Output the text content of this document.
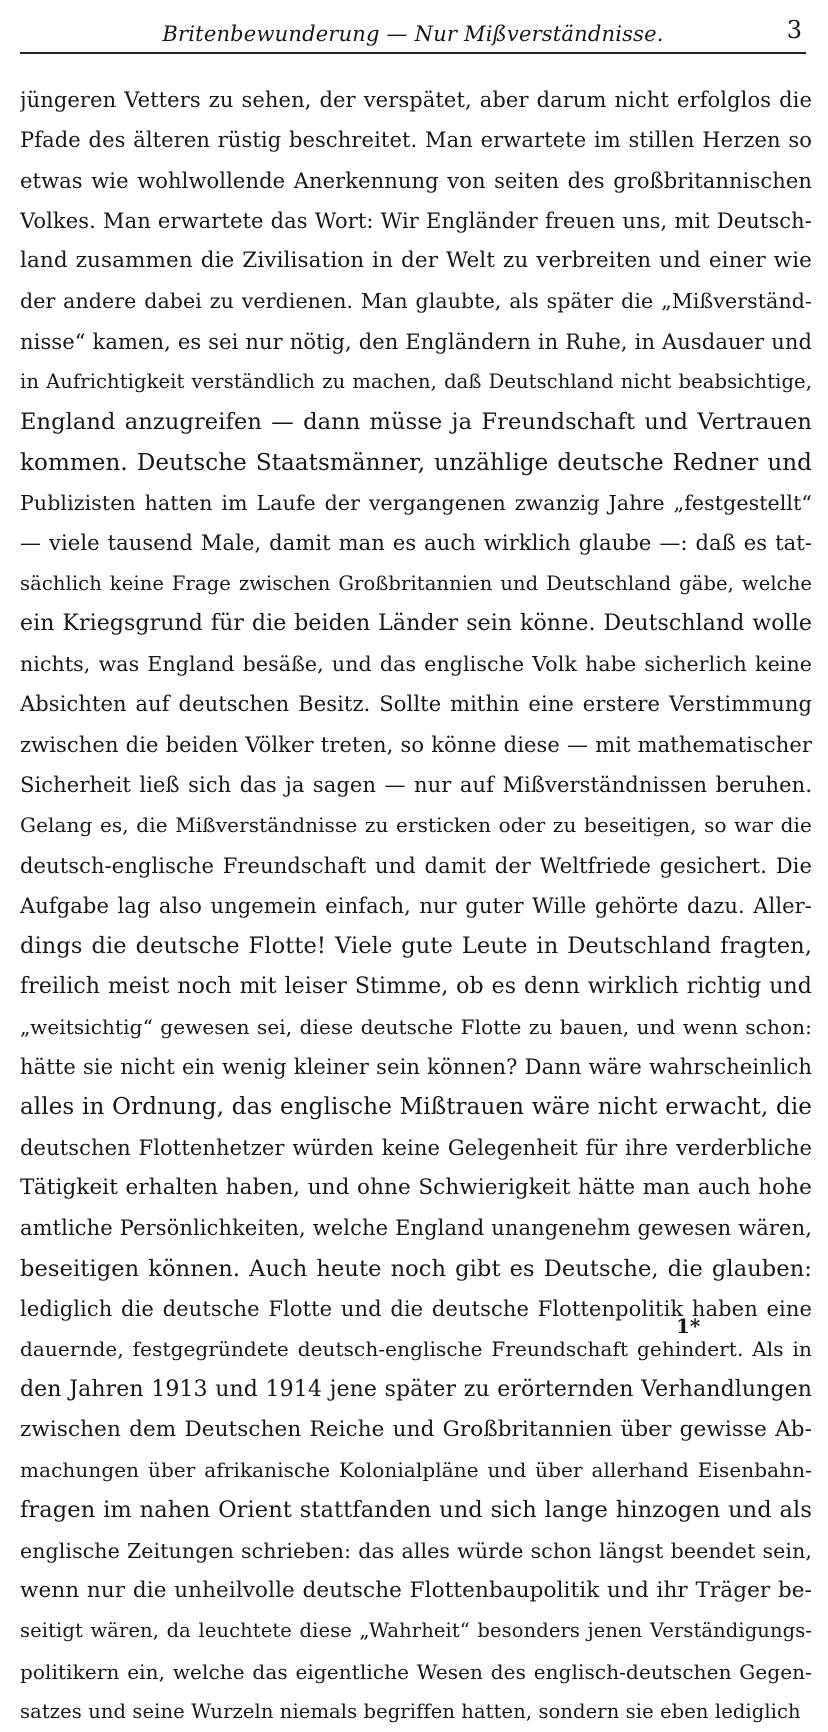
Britenbewunderung — Nur Mißverständnisse.	3
jüngeren Vetters zu sehen, der verspätet, aber darum nicht erfolglos die
Pfade des älteren rüstig beschreitet. Man erwartete im stillen Herzen so
etwas wie wohlwollende Anerkennung von seiten des großbritannischen
Volkes. Man erwartete das Wort: Wir Engländer freuen uns, mit Deutsch-
land zusammen die Zivilisation in der Welt zu verbreiten und einer wie
der andere dabei zu verdienen. Man glaubte, als später die „Mißverständ-
nisse“ kamen, es sei nur nötig, den Engländern in Ruhe, in Ausdauer und
in Aufrichtigkeit verständlich zu machen, daß Deutschland nicht beabsichtige,
England anzugreifen — dann müsse ja Freundschaft und Vertrauen
kommen. Deutsche Staatsmänner, unzählige deutsche Redner und
Publizisten hatten im Laufe der vergangenen zwanzig Jahre „festgestellt“
— viele tausend Male, damit man es auch wirklich glaube —: daß es tat-
sächlich keine Frage zwischen Großbritannien und Deutschland gäbe, welche
ein Kriegsgrund für die beiden Länder sein könne. Deutschland wolle
nichts, was England besäße, und das englische Volk habe sicherlich keine
Absichten auf deutschen Besitz. Sollte mithin eine erstere Verstimmung
zwischen die beiden Völker treten, so könne diese — mit mathematischer
Sicherheit ließ sich das ja sagen — nur auf Mißverständnissen beruhen.
Gelang es, die Mißverständnisse zu ersticken oder zu beseitigen, so war die
deutsch-englische Freundschaft und damit der Weltfriede gesichert. Die
Aufgabe lag also ungemein einfach, nur guter Wille gehörte dazu. Aller-
dings die deutsche Flotte! Viele gute Leute in Deutschland fragten,
freilich meist noch mit leiser Stimme, ob es denn wirklich richtig und
„weitsichtig“ gewesen sei, diese deutsche Flotte zu bauen, und wenn schon:
hätte sie nicht ein wenig kleiner sein können? Dann wäre wahrscheinlich
alles in Ordnung, das englische Mißtrauen wäre nicht erwacht, die
deutschen Flottenhetzer würden keine Gelegenheit für ihre verderbliche
Tätigkeit erhalten haben, und ohne Schwierigkeit hätte man auch hohe
amtliche Persönlichkeiten, welche England unangenehm gewesen wären,
beseitigen können. Auch heute noch gibt es Deutsche, die glauben:
lediglich die deutsche Flotte und die deutsche Flottenpolitik haben eine
dauernde, festgegründete deutsch-englische Freundschaft gehindert. Als in
den Jahren 1913 und 1914 jene später zu erörternden Verhandlungen
zwischen dem Deutschen Reiche und Großbritannien über gewisse Ab-
machungen über afrikanische Kolonialpläne und über allerhand Eisenbahn-
fragen im nahen Orient stattfanden und sich lange hinzogen und als
englische Zeitungen schrieben: das alles würde schon längst beendet sein,
wenn nur die unheilvolle deutsche Flottenbaupolitik und ihr Träger be-
seitigt wären, da leuchtete diese „Wahrheit“ besonders jenen Verständigungs-
politikern ein, welche das eigentliche Wesen des englisch-deutschen Gegen-
satzes und seine Wurzeln niemals begriffen hatten, sondern sie eben lediglich
1*
